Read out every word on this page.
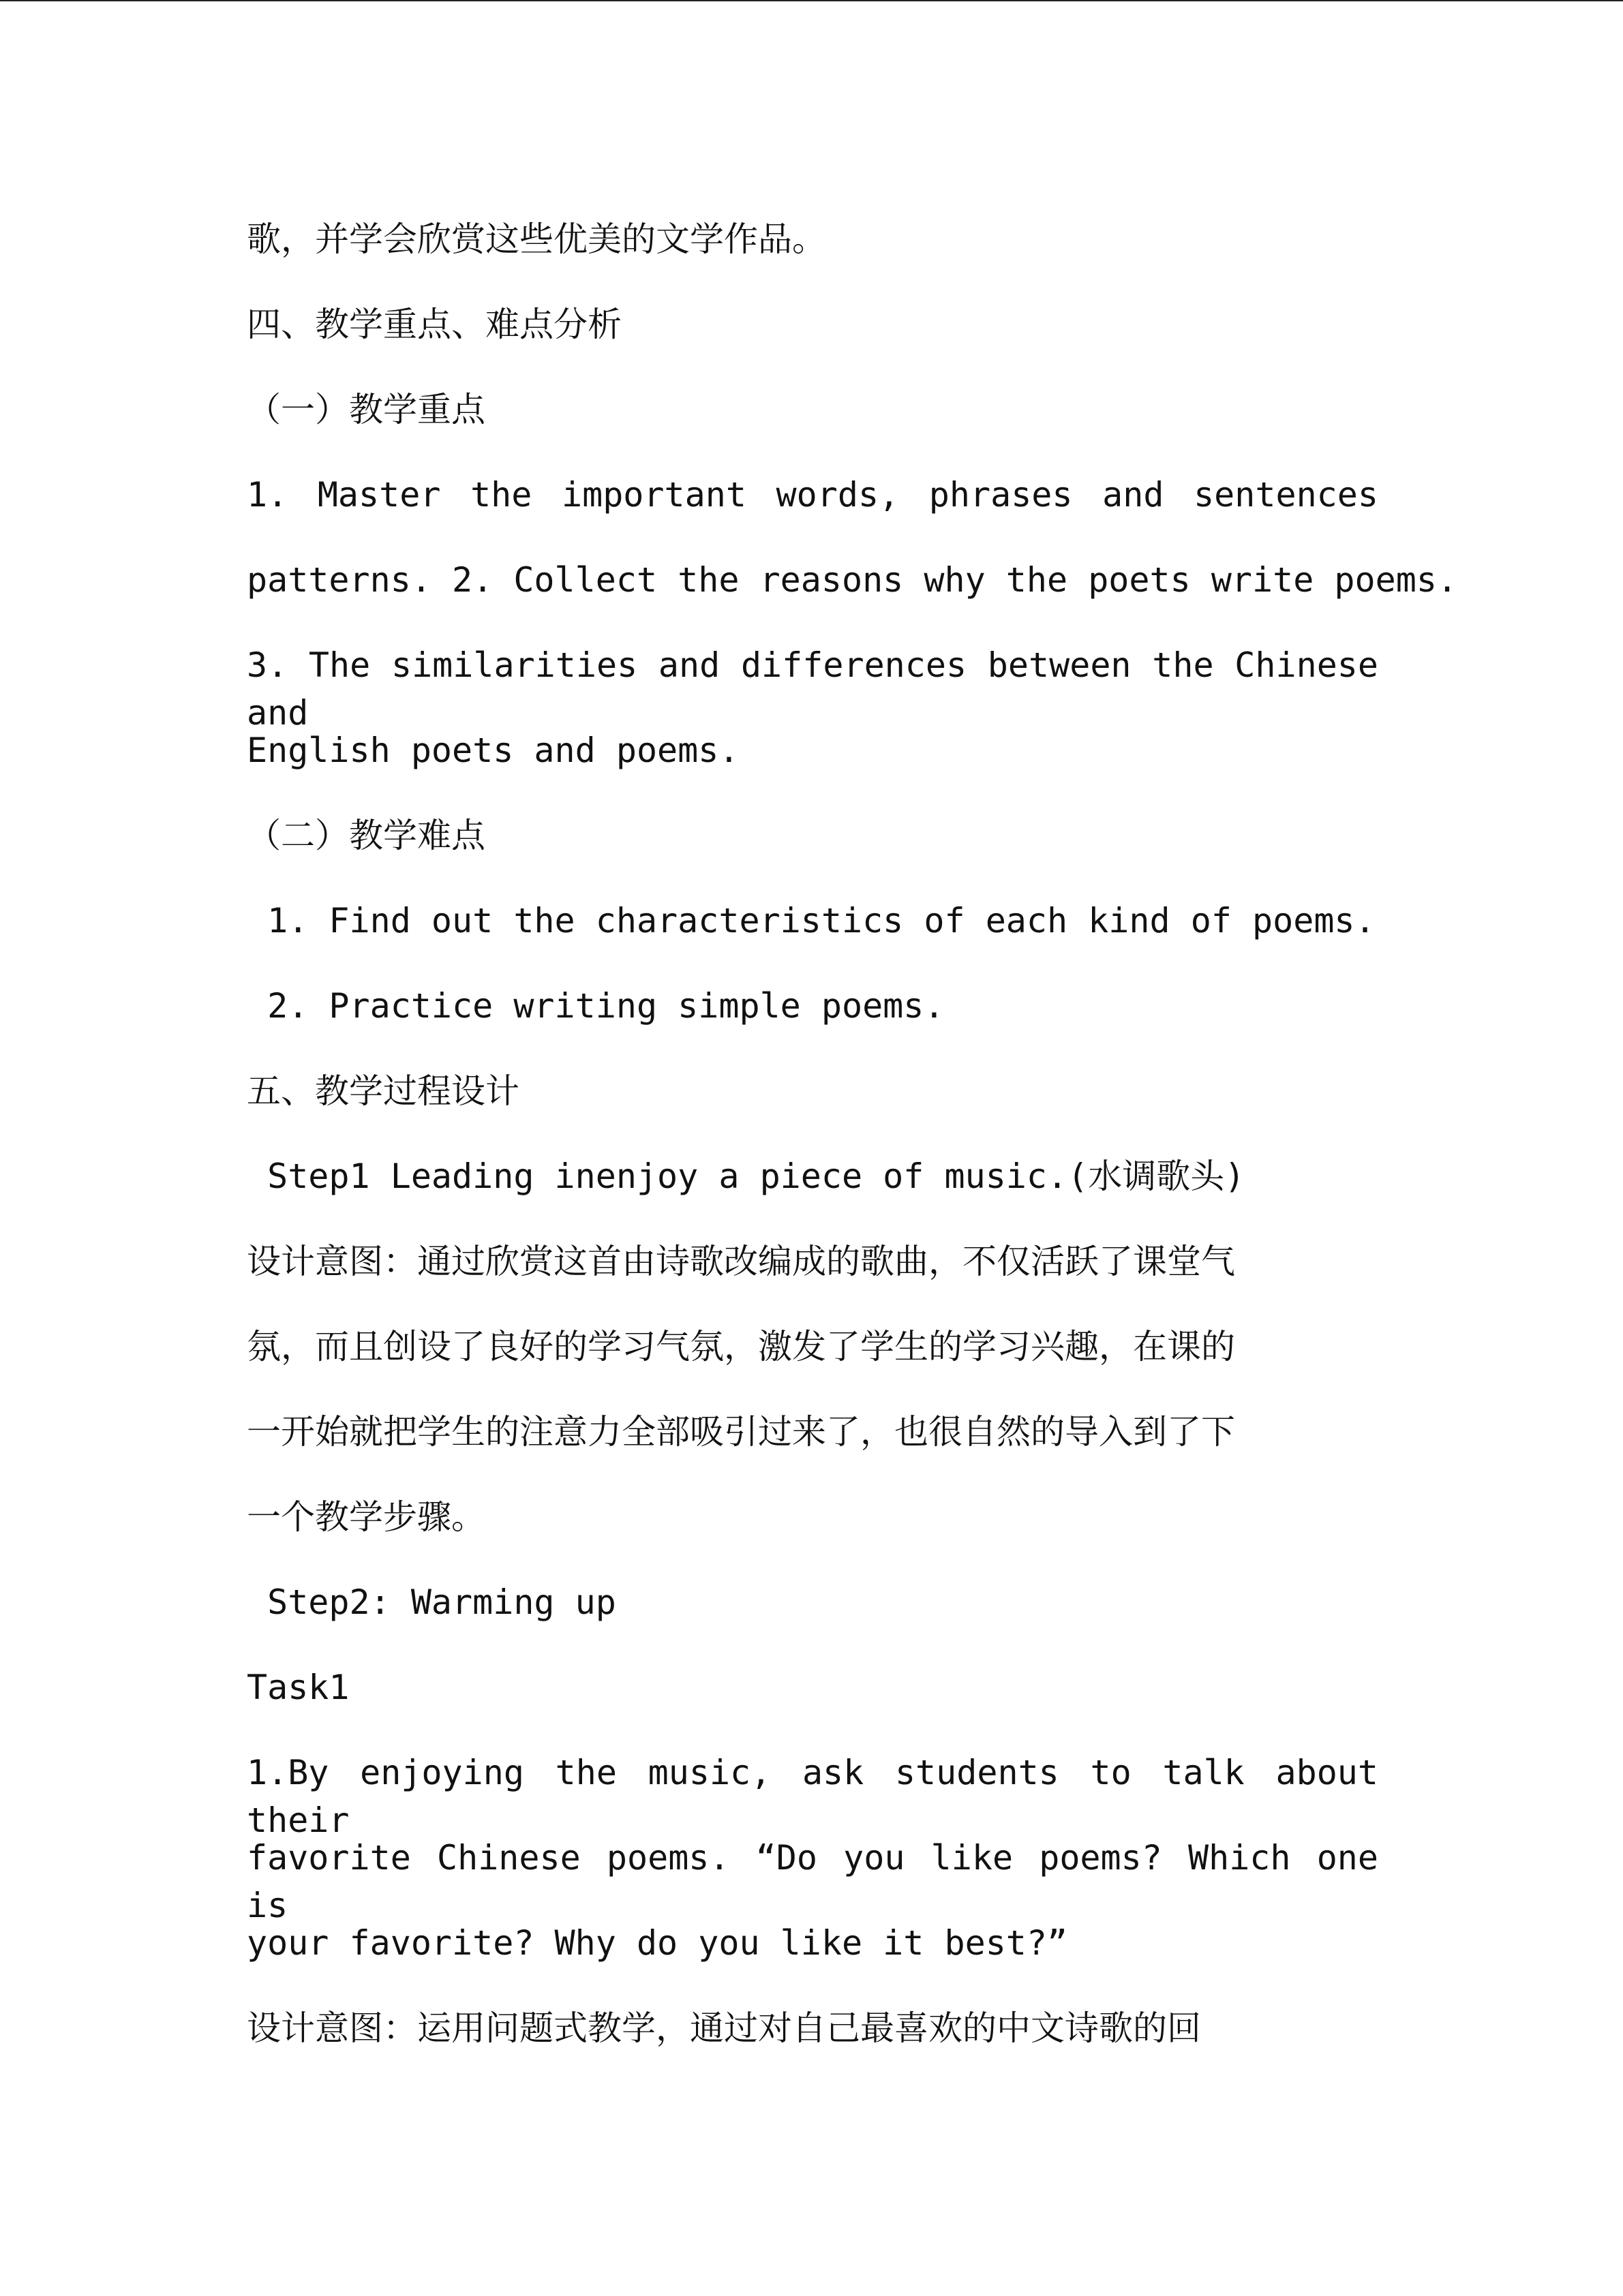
歌，并学会欣赏这些优美的文学作品。
四、教学重点、难点分析
（一）教学重点
1. Master the important words, phrases and sentences
patterns. 2. Collect the reasons why the poets write poems.
3. The similarities and differences between the Chinese and
English poets and poems.
（二）教学难点
1. Find out the characteristics of each kind of poems.
2. Practice writing simple poems.
五、教学过程设计
Step1 Leading inenjoy a piece of music.(水调歌头)
设计意图：通过欣赏这首由诗歌改编成的歌曲，不仅活跃了课堂气
氛，而且创设了良好的学习气氛，激发了学生的学习兴趣，在课的
一开始就把学生的注意力全部吸引过来了，也很自然的导入到了下
一个教学步骤。
Step2: Warming up
Task1
1.By enjoying the music, ask students to talk about their
favorite Chinese poems. “Do you like poems? Which one is
your favorite? Why do you like it best?”
设计意图：运用问题式教学，通过对自己最喜欢的中文诗歌的回
